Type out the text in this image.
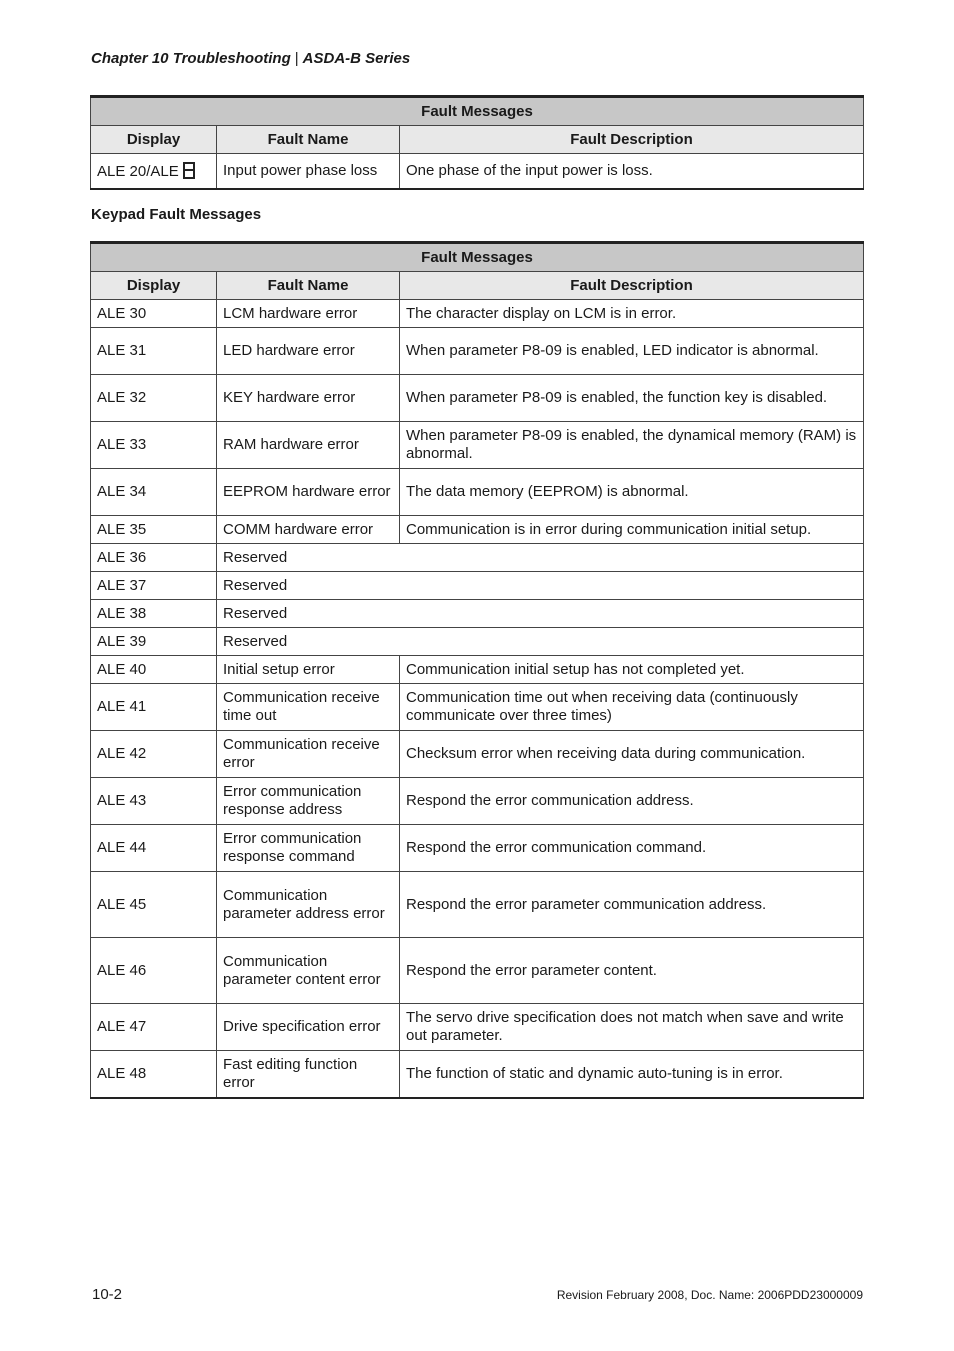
Chapter 10 Troubleshooting | ASDA-B Series
Fault Messages		
Display	Fault Name	Fault Description
ALE 20/ALE	Input power phase loss	One phase of the input power is loss.
Keypad Fault Messages
Fault Messages		
Display	Fault Name	Fault Description
ALE 30	LCM hardware error	The character display on LCM is in error.
ALE 31	LED hardware error	When parameter P8-09 is enabled, LED indicator is abnormal.
ALE 32	KEY hardware error	When parameter P8-09 is enabled, the function key is disabled.
ALE 33	RAM hardware error	When parameter P8-09 is enabled, the dynamical memory (RAM) is abnormal.
ALE 34	EEPROM hardware error	The data memory (EEPROM) is abnormal.
ALE 35	COMM hardware error	Communication is in error during communication initial setup.
ALE 36	Reserved	
ALE 37	Reserved	
ALE 38	Reserved	
ALE 39	Reserved	
ALE 40	Initial setup error	Communication initial setup has not completed yet.
ALE 41	Communication receive time out	Communication time out when receiving data (continuously communicate over three times)
ALE 42	Communication receive error	Checksum error when receiving data during communication.
ALE 43	Error communication response address	Respond the error communication address.
ALE 44	Error communication response command	Respond the error communication command.
ALE 45	Communication parameter address error	Respond the error parameter communication address.
ALE 46	Communication parameter content error	Respond the error parameter content.
ALE 47	Drive specification error	The servo drive specification does not match when save and write out parameter.
ALE 48	Fast editing function error	The function of static and dynamic auto-tuning is in error.
10-2	Revision February 2008, Doc. Name: 2006PDD23000009
